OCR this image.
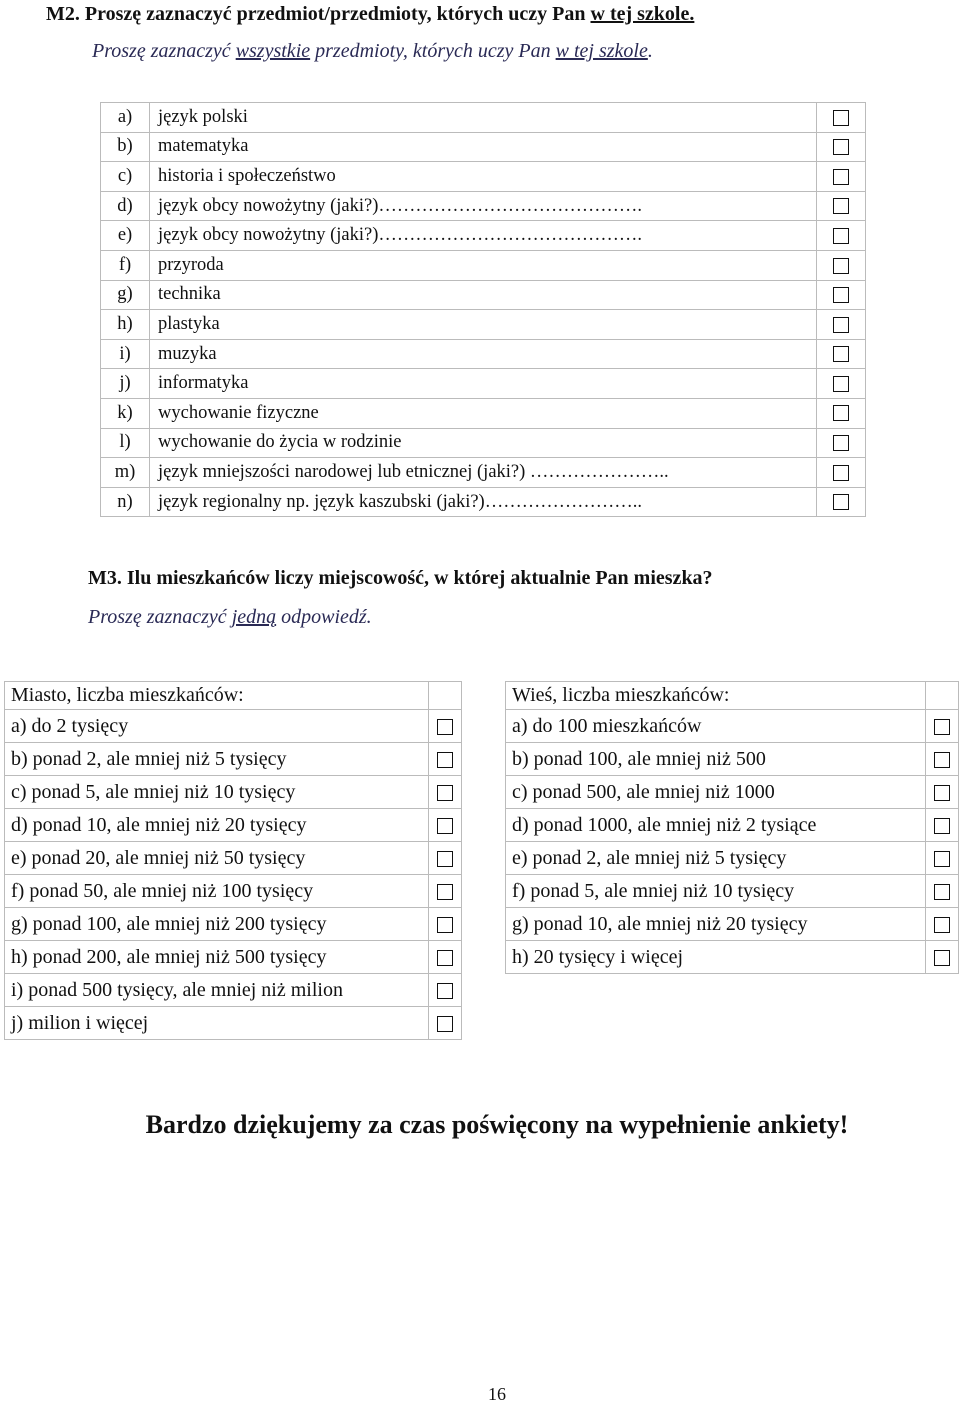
M2. Proszę zaznaczyć przedmiot/przedmioty, których uczy Pan w tej szkole.
Proszę zaznaczyć wszystkie przedmioty, których uczy Pan w tej szkole.
a)	język polski	
b)	matematyka	
c)	historia i społeczeństwo	
d)	język obcy nowożytny (jaki?)…………………………………….	
e)	język obcy nowożytny (jaki?)…………………………………….	
f)	przyroda	
g)	technika	
h)	plastyka	
i)	muzyka	
j)	informatyka	
k)	wychowanie fizyczne	
l)	wychowanie do życia w rodzinie	
m)	język mniejszości narodowej lub etnicznej (jaki?) …………………..	
n)	język regionalny np. język kaszubski (jaki?)……………………..	
M3. Ilu mieszkańców liczy miejscowość, w której aktualnie Pan mieszka?
Proszę zaznaczyć jedną odpowiedź.
Miasto, liczba mieszkańców:	
a) do 2 tysięcy	
b) ponad 2, ale mniej niż 5 tysięcy	
c) ponad 5, ale mniej niż 10 tysięcy	
d) ponad 10, ale mniej niż 20 tysięcy	
e) ponad 20, ale mniej niż 50 tysięcy	
f) ponad 50, ale mniej niż 100 tysięcy	
g) ponad 100, ale mniej niż 200 tysięcy	
h) ponad 200, ale mniej niż 500 tysięcy	
i) ponad 500 tysięcy, ale mniej niż milion	
j) milion i więcej	
Wieś, liczba mieszkańców:	
a) do 100 mieszkańców	
b) ponad 100, ale mniej niż 500	
c) ponad 500, ale mniej niż 1000	
d) ponad 1000, ale mniej niż 2 tysiące	
e) ponad 2, ale mniej niż 5 tysięcy	
f) ponad 5, ale mniej niż 10 tysięcy	
g) ponad 10, ale mniej niż 20 tysięcy	
h) 20 tysięcy i więcej	
Bardzo dziękujemy za czas poświęcony na wypełnienie ankiety!
16
